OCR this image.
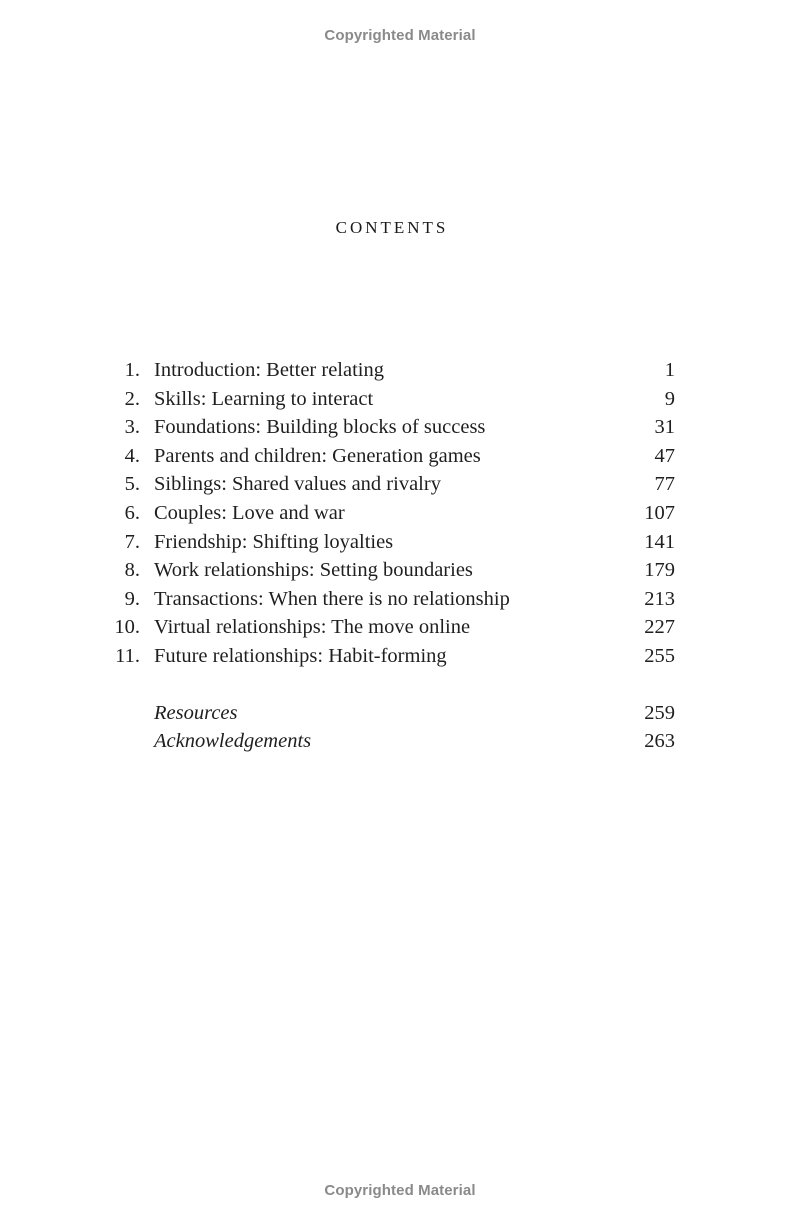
Copyrighted Material
CONTENTS
1. Introduction: Better relating	1
2. Skills: Learning to interact	9
3. Foundations: Building blocks of success	31
4. Parents and children: Generation games	47
5. Siblings: Shared values and rivalry	77
6. Couples: Love and war	107
7. Friendship: Shifting loyalties	141
8. Work relationships: Setting boundaries	179
9. Transactions: When there is no relationship	213
10. Virtual relationships: The move online	227
11. Future relationships: Habit-forming	255
Resources	259
Acknowledgements	263
Copyrighted Material
